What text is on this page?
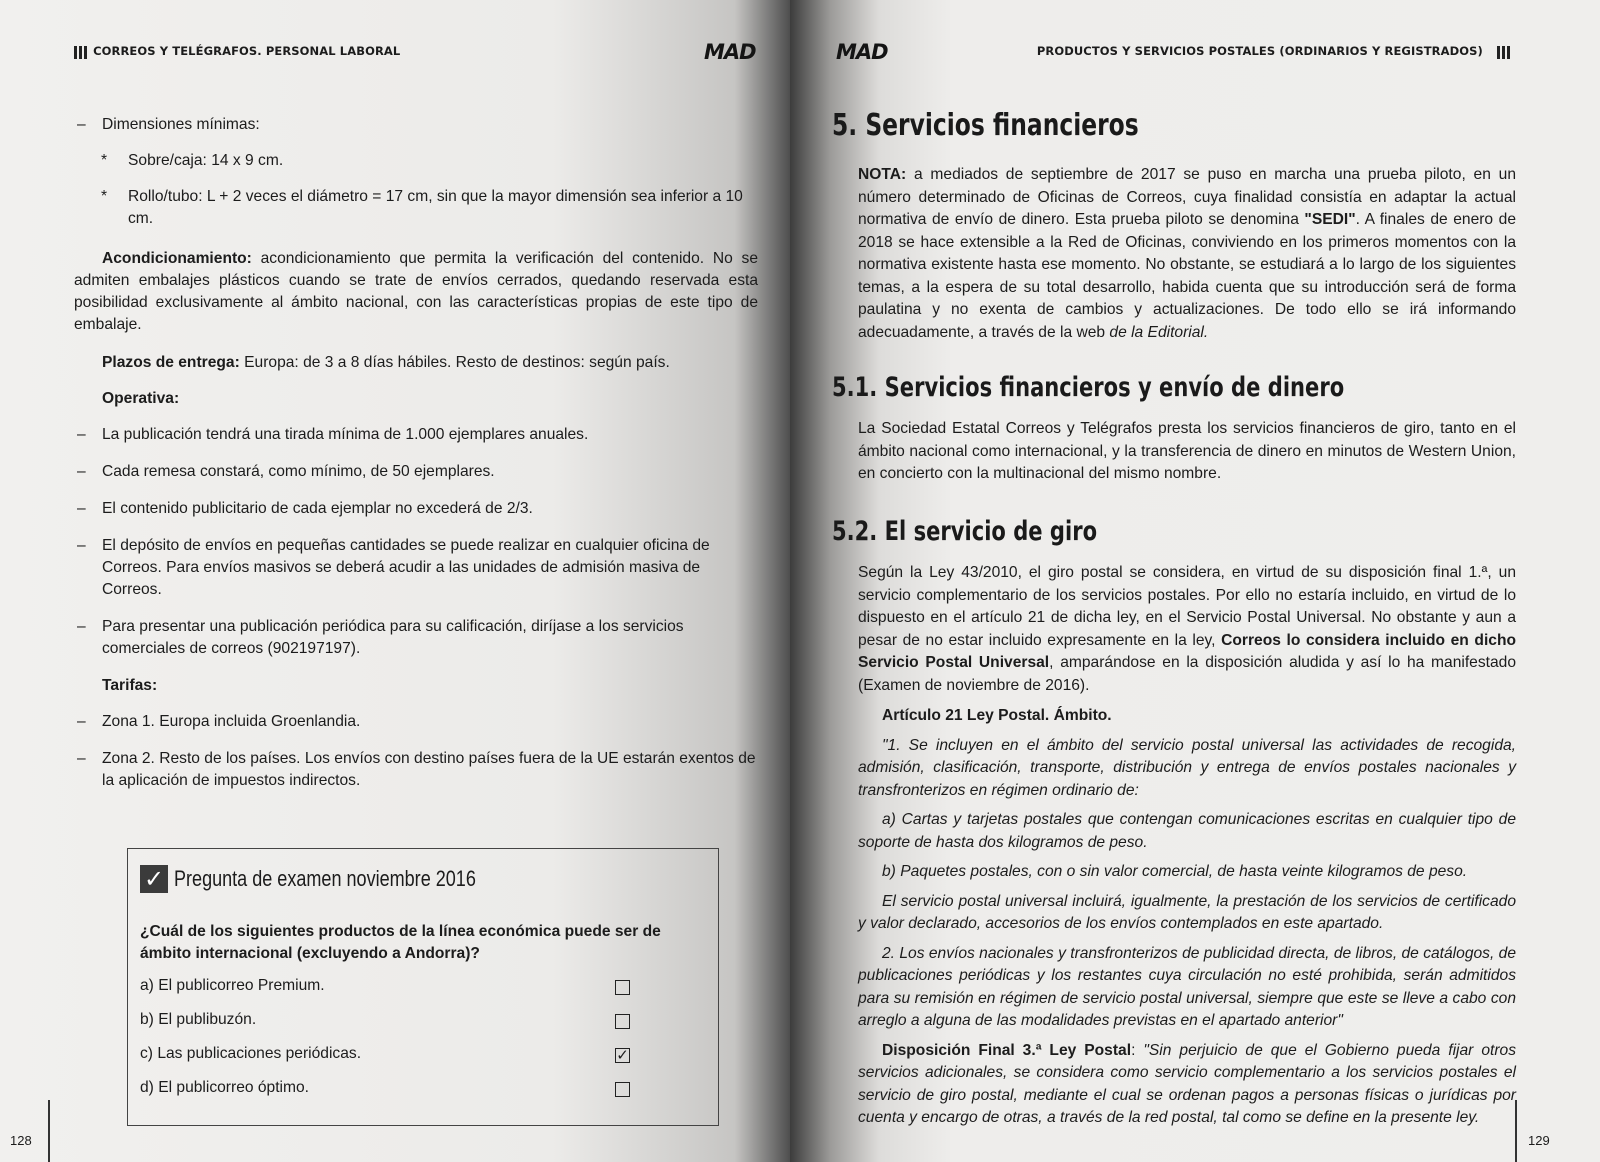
CORREOS Y TELÉGRAFOS. PERSONAL LABORAL	MAD
– Dimensiones mínimas:
* Sobre/caja: 14 x 9 cm.
* Rollo/tubo: L + 2 veces el diámetro = 17 cm, sin que la mayor dimensión sea inferior a 10 cm.

Acondicionamiento: acondicionamiento que permita la verificación del contenido. No se admiten embalajes plásticos cuando se trate de envíos cerrados, quedando reservada esta posibilidad exclusivamente al ámbito nacional, con las características propias de este tipo de embalaje.

Plazos de entrega: Europa: de 3 a 8 días hábiles. Resto de destinos: según país.

Operativa:

– La publicación tendrá una tirada mínima de 1.000 ejemplares anuales.
– Cada remesa constará, como mínimo, de 50 ejemplares.
– El contenido publicitario de cada ejemplar no excederá de 2/3.
– El depósito de envíos en pequeñas cantidades se puede realizar en cualquier oficina de Correos. Para envíos masivos se deberá acudir a las unidades de admisión masiva de Correos.
– Para presentar una publicación periódica para su calificación, diríjase a los servicios comerciales de correos (902197197).

Tarifas:

– Zona 1. Europa incluida Groenlandia.
– Zona 2. Resto de los países. Los envíos con destino países fuera de la UE estarán exentos de la aplicación de impuestos indirectos.
✓ Pregunta de examen noviembre 2016
¿Cuál de los siguientes productos de la línea económica puede ser de ámbito internacional (excluyendo a Andorra)?
a) El publicorreo Premium.
b) El publibuzón.
c) Las publicaciones periódicas.	✓
d) El publicorreo óptimo.
128
MAD	PRODUCTOS Y SERVICIOS POSTALES (ORDINARIOS Y REGISTRADOS)
129
5. Servicios financieros

NOTA: a mediados de septiembre de 2017 se puso en marcha una prueba piloto, en un número determinado de Oficinas de Correos, cuya finalidad consistía en adaptar la actual normativa de envío de dinero. Esta prueba piloto se denomina "SEDI". A finales de enero de 2018 se hace extensible a la Red de Oficinas, conviviendo en los primeros momentos con la normativa existente hasta ese momento. No obstante, se estudiará a lo largo de los siguientes temas, a la espera de su total desarrollo, habida cuenta que su introducción será de forma paulatina y no exenta de cambios y actualizaciones. De todo ello se irá informando adecuadamente, a través de la web de la Editorial.

5.1. Servicios financieros y envío de dinero

La Sociedad Estatal Correos y Telégrafos presta los servicios financieros de giro, tanto en el ámbito nacional como internacional, y la transferencia de dinero en minutos de Western Union, en concierto con la multinacional del mismo nombre.

5.2. El servicio de giro

Según la Ley 43/2010, el giro postal se considera, en virtud de su disposición final 1.ª, un servicio complementario de los servicios postales. Por ello no estaría incluido, en virtud de lo dispuesto en el artículo 21 de dicha ley, en el Servicio Postal Universal. No obstante y aun a pesar de no estar incluido expresamente en la ley, Correos lo considera incluido en dicho Servicio Postal Universal, amparándose en la disposición aludida y así lo ha manifestado (Examen de noviembre de 2016).

Artículo 21 Ley Postal. Ámbito.

"1. Se incluyen en el ámbito del servicio postal universal las actividades de recogida, admisión, clasificación, transporte, distribución y entrega de envíos postales nacionales y transfronterizos en régimen ordinario de:

a) Cartas y tarjetas postales que contengan comunicaciones escritas en cualquier tipo de soporte de hasta dos kilogramos de peso.

b) Paquetes postales, con o sin valor comercial, de hasta veinte kilogramos de peso.

El servicio postal universal incluirá, igualmente, la prestación de los servicios de certificado y valor declarado, accesorios de los envíos contemplados en este apartado.

2. Los envíos nacionales y transfronterizos de publicidad directa, de libros, de catálogos, de publicaciones periódicas y los restantes cuya circulación no esté prohibida, serán admitidos para su remisión en régimen de servicio postal universal, siempre que este se lleve a cabo con arreglo a alguna de las modalidades previstas en el apartado anterior"

Disposición Final 3.ª Ley Postal: "Sin perjuicio de que el Gobierno pueda fijar otros servicios adicionales, se considera como servicio complementario a los servicios postales el servicio de giro postal, mediante el cual se ordenan pagos a personas físicas o jurídicas por cuenta y encargo de otras, a través de la red postal, tal como se define en la presente ley.
